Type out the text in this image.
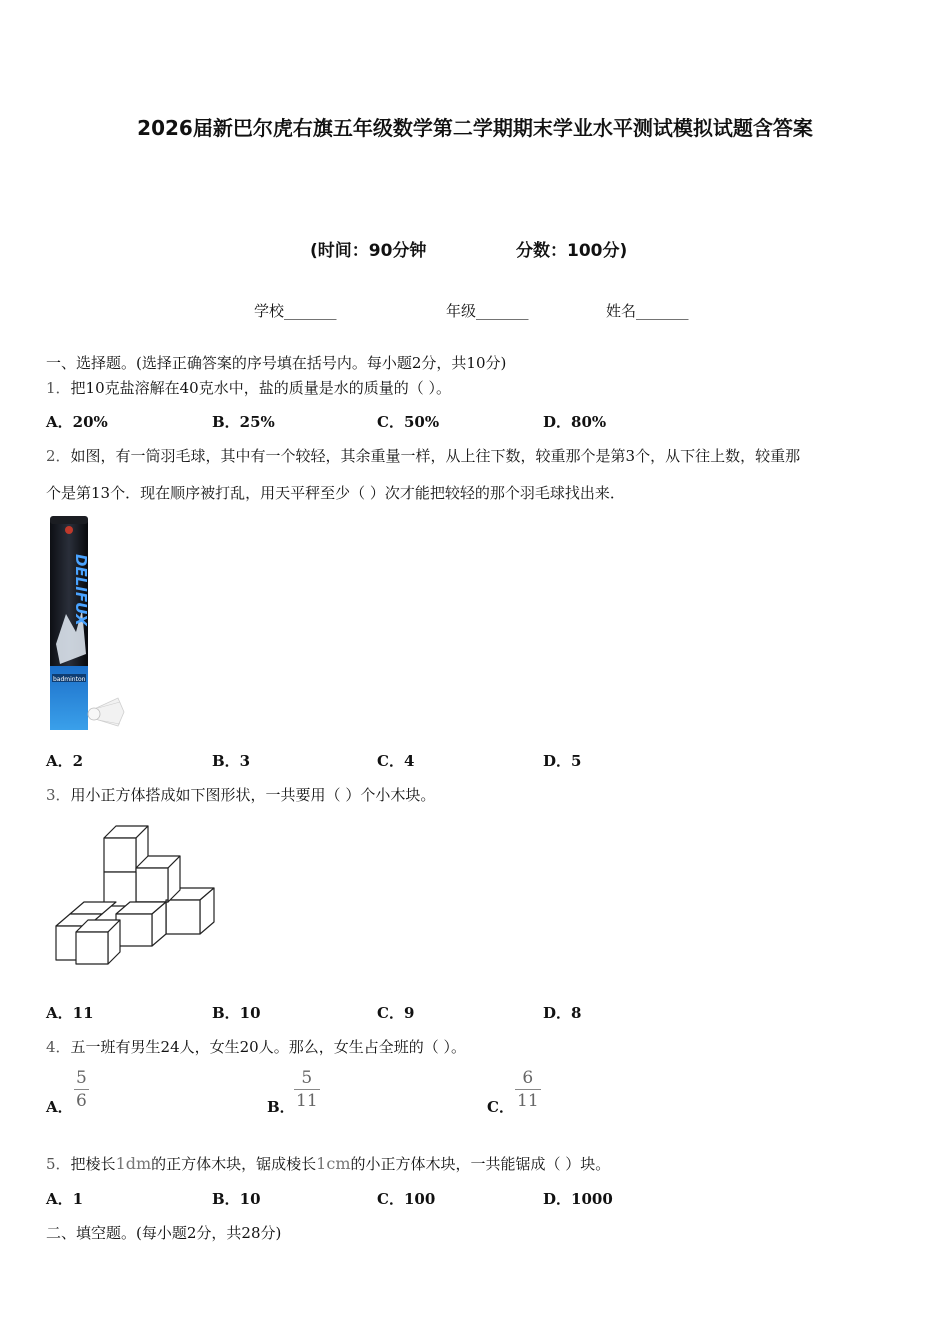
2026届新巴尔虎右旗五年级数学第二学期期末学业水平测试模拟试题含答案
(时间：90分钟	分数：100分)
学校_______	年级_______	姓名_______
一、选择题。(选择正确答案的序号填在括号内。每小题2分，共10分)
1．把10克盐溶解在40克水中，盐的质量是水的质量的（ ）。
A．20%	B．25%	C．50%	D．80%
2．如图，有一筒羽毛球，其中有一个较轻，其余重量一样，从上往下数，较重那个是第3个，从下往上数，较重那
个是第13个．现在顺序被打乱，用天平秤至少（ ）次才能把较轻的那个羽毛球找出来．
DELIFUX
badminton
A．2	B．3	C．4	D．5
3．用小正方体搭成如下图形状，一共要用（ ）个小木块。
A．11	B．10	C．9	D．8
4．五一班有男生24人，女生20人。那么，女生占全班的（ ）。
A．
5
6	B．
5
11	C．
6
11
5．把棱长1dm的正方体木块，锯成棱长1cm的小正方体木块，一共能锯成（ ）块。
A．1	B．10	C．100	D．1000
二、填空题。(每小题2分，共28分)
